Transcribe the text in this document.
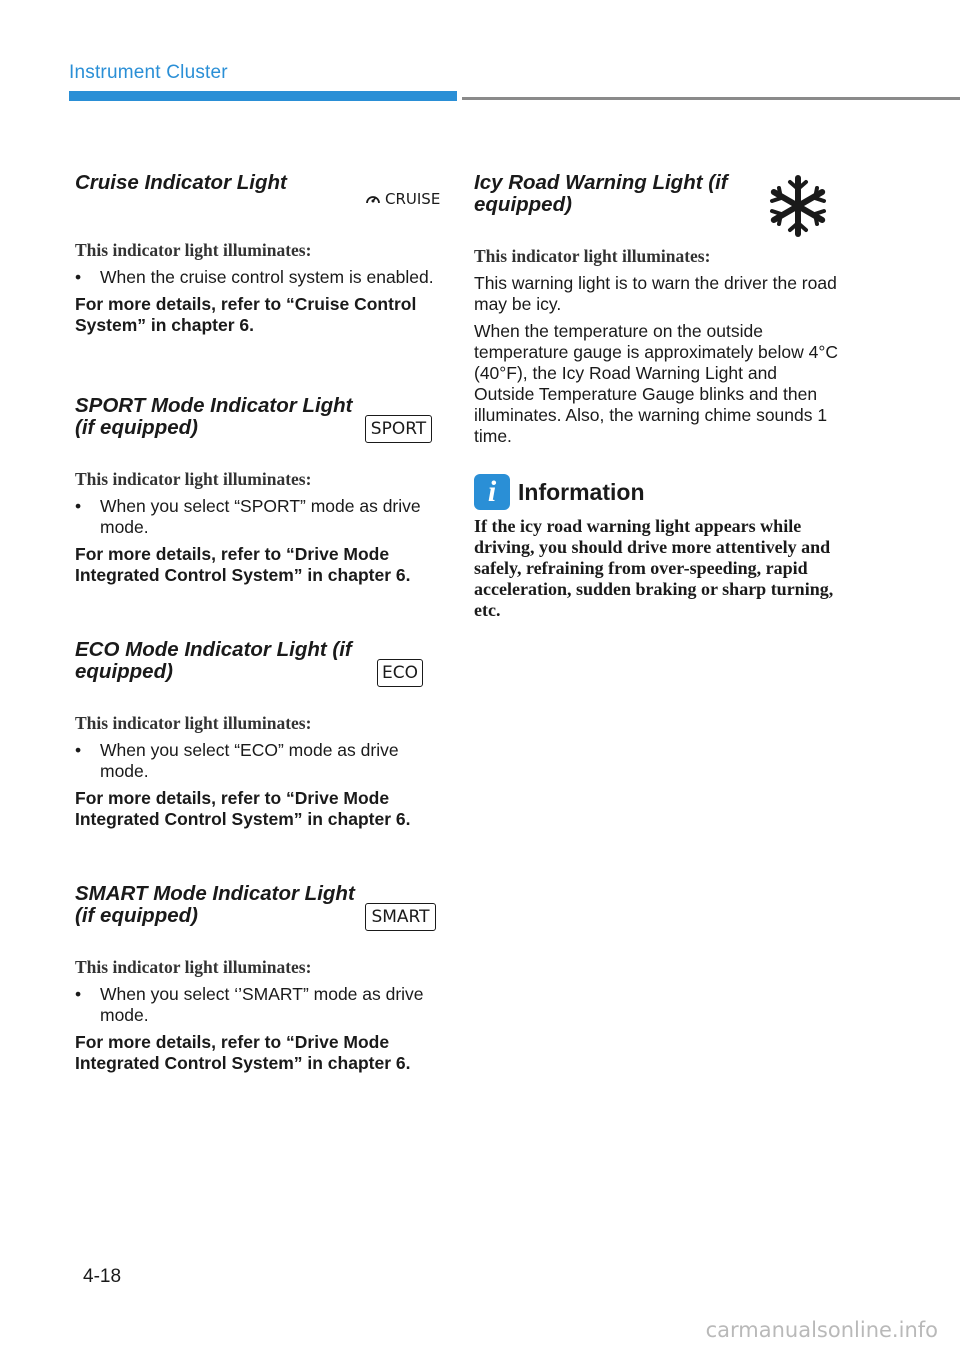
Instrument Cluster
Cruise Indicator Light
CRUISE

This indicator light illuminates:

• When the cruise control system is enabled.

For more details, refer to “Cruise Control System” in chapter 6.

SPORT Mode Indicator Light (if equipped)	SPORT

This indicator light illuminates:

• When you select “SPORT” mode as drive mode.

For more details, refer to “Drive Mode Integrated Control System” in chapter 6.

ECO Mode Indicator Light (if equipped)	ECO

This indicator light illuminates:

• When you select “ECO” mode as drive mode.

For more details, refer to “Drive Mode Integrated Control System” in chapter 6.

SMART Mode Indicator Light (if equipped)	SMART

This indicator light illuminates:

• When you select ‘’SMART” mode as drive mode.

For more details, refer to “Drive Mode Integrated Control System” in chapter 6.

Icy Road Warning Light (if equipped)

This indicator light illuminates:

This warning light is to warn the driver the road may be icy.

When the temperature on the outside temperature gauge is approximately below 4°C (40°F), the Icy Road Warning Light and Outside Temperature Gauge blinks and then illuminates. Also, the warning chime sounds 1 time.

i Information

If the icy road warning light appears while driving, you should drive more attentively and safely, refraining from over-speeding, rapid acceleration, sudden braking or sharp turning, etc.

4-18
carmanualsonline.info
